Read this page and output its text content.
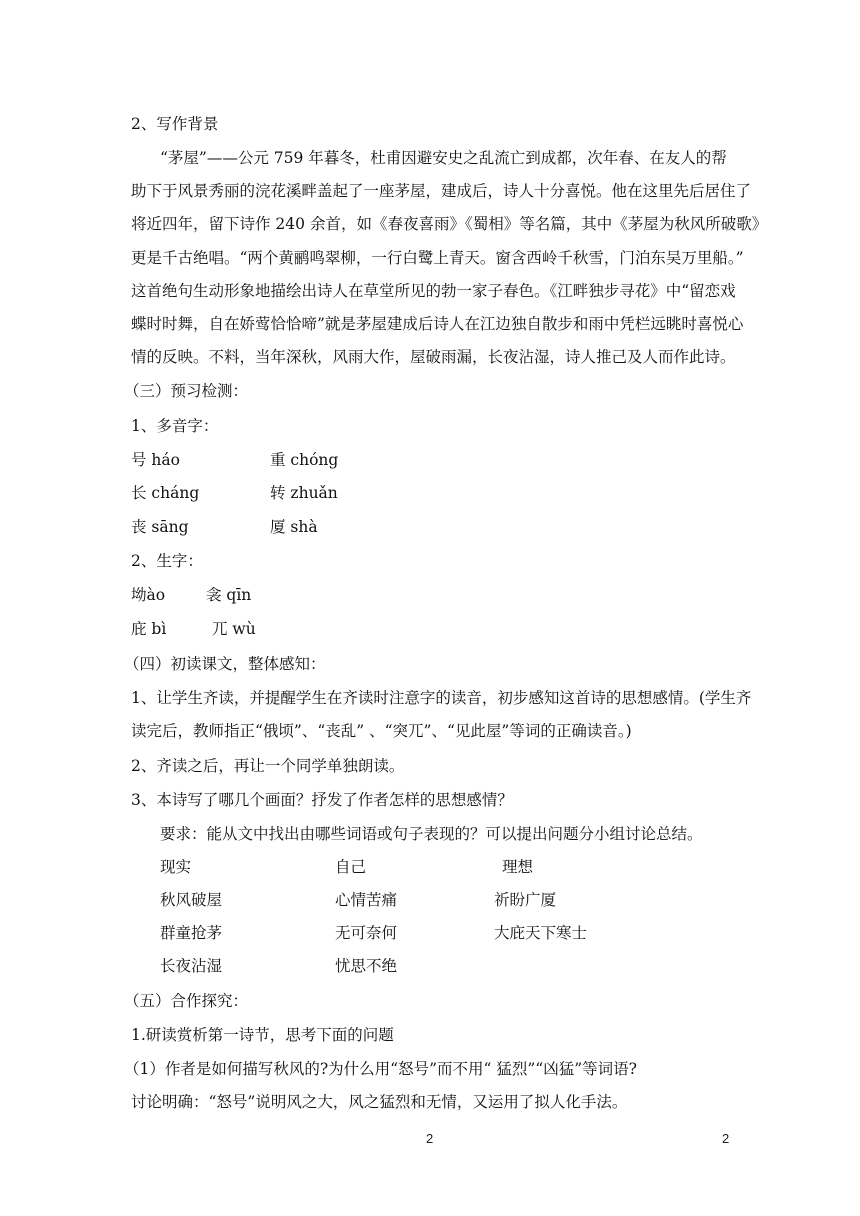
2、写作背景
“茅屋”——公元 759 年暮冬，杜甫因避安史之乱流亡到成都，次年春、在友人的帮
助下于风景秀丽的浣花溪畔盖起了一座茅屋，建成后，诗人十分喜悦。他在这里先后居住了
将近四年，留下诗作 240 余首，如《春夜喜雨》《蜀相》等名篇，其中《茅屋为秋风所破歌》
更是千古绝唱。“两个黄鹂鸣翠柳，一行白鹭上青天。窗含西岭千秋雪，门泊东吴万里船。”
这首绝句生动形象地描绘出诗人在草堂所见的勃一家子春色。《江畔独步寻花》中“留恋戏
蝶时时舞，自在娇莺恰恰啼”就是茅屋建成后诗人在江边独自散步和雨中凭栏远眺时喜悦心
情的反映。不料，当年深秋，风雨大作，屋破雨漏，长夜沾湿，诗人推己及人而作此诗。
（三）预习检测：
1、多音字：
号 háo	重 chóng
长 cháng	转 zhuǎn
丧 sāng	厦 shà
2、生字：
坳ào	衾 qīn
庇 bì	兀 wù
（四）初读课文，整体感知：
1、让学生齐读，并提醒学生在齐读时注意字的读音，初步感知这首诗的思想感情。(学生齐
读完后，教师指正“俄顷”、“丧乱” 、“突兀”、“见此屋”等词的正确读音。)
2、齐读之后，再让一个同学单独朗读。
3、本诗写了哪几个画面？抒发了作者怎样的思想感情？
要求：能从文中找出由哪些词语或句子表现的？可以提出问题分小组讨论总结。
现实	自己	理想
秋风破屋	心情苦痛	祈盼广厦
群童抢茅	无可奈何	大庇天下寒士
长夜沾湿	忧思不绝
（五）合作探究：
1.研读赏析第一诗节，思考下面的问题
（1）作者是如何描写秋风的?为什么用“怒号”而不用“ 猛烈”“凶猛”等词语?
讨论明确：“怒号”说明风之大，风之猛烈和无情，又运用了拟人化手法。
2	2
